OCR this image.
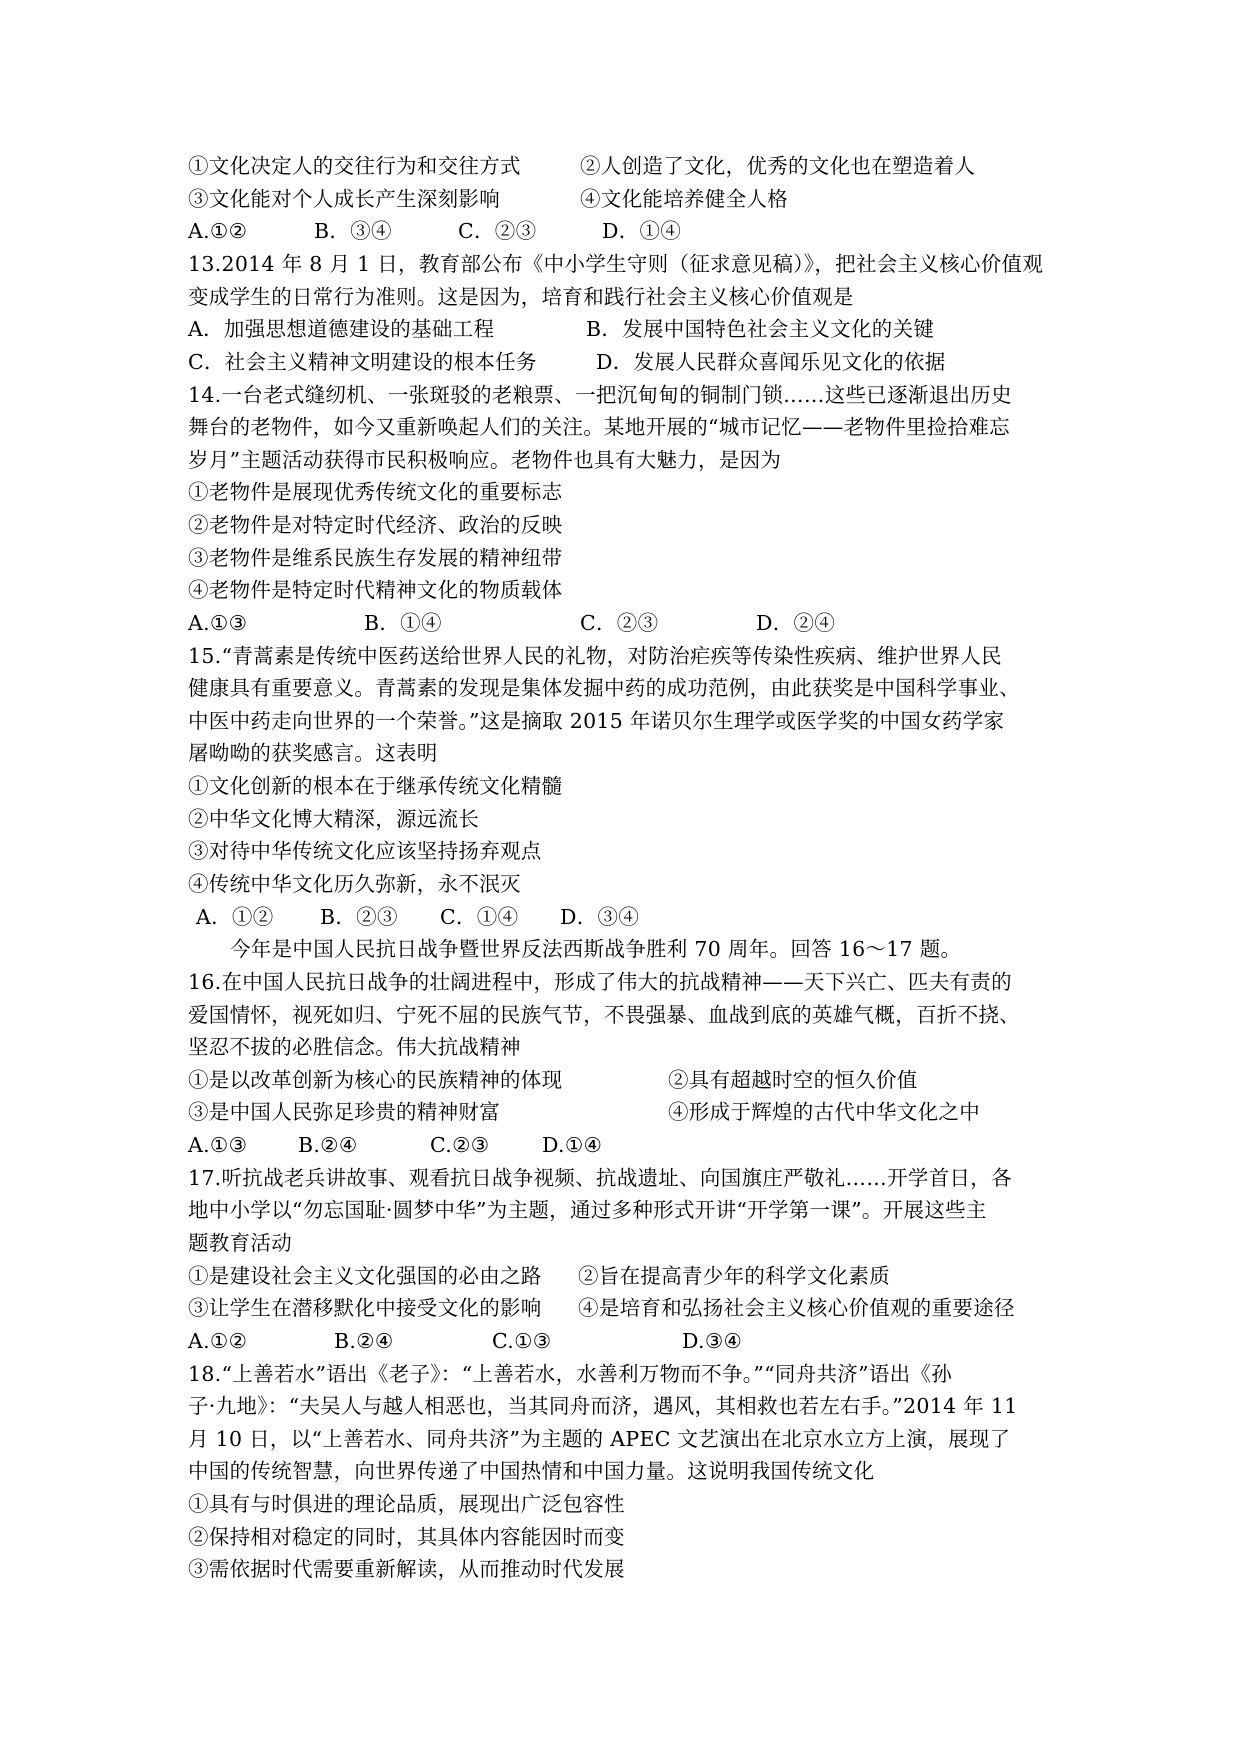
①文化决定人的交往行为和交往方式	②人创造了文化，优秀的文化也在塑造着人
③文化能对个人成长产生深刻影响	④文化能培养健全人格
A.①②	B．③④	C．②③	D．①④
13.2014 年 8 月 1 日，教育部公布《中小学生守则（征求意见稿）》，把社会主义核心价值观
变成学生的日常行为准则。这是因为，培育和践行社会主义核心价值观是
A．加强思想道德建设的基础工程	B．发展中国特色社会主义文化的关键
C．社会主义精神文明建设的根本任务	D．发展人民群众喜闻乐见文化的依据
14.一台老式缝纫机、一张斑驳的老粮票、一把沉甸甸的铜制门锁……这些已逐渐退出历史
舞台的老物件，如今又重新唤起人们的关注。某地开展的“城市记忆——老物件里捡拾难忘
岁月”主题活动获得市民积极响应。老物件也具有大魅力，是因为
①老物件是展现优秀传统文化的重要标志
②老物件是对特定时代经济、政治的反映
③老物件是维系民族生存发展的精神纽带
④老物件是特定时代精神文化的物质载体
A.①③	B．①④	C．②③	D．②④
15.“青蒿素是传统中医药送给世界人民的礼物，对防治疟疾等传染性疾病、维护世界人民
健康具有重要意义。青蒿素的发现是集体发掘中药的成功范例，由此获奖是中国科学事业、
中医中药走向世界的一个荣誉。”这是摘取 2015 年诺贝尔生理学或医学奖的中国女药学家
屠呦呦的获奖感言。这表明
①文化创新的根本在于继承传统文化精髓
②中华文化博大精深，源远流长
③对待中华传统文化应该坚持扬弃观点
④传统中华文化历久弥新，永不泯灭
A．①② B．②③ C．①④ D．③④
今年是中国人民抗日战争暨世界反法西斯战争胜利 70 周年。回答 16～17 题。
16.在中国人民抗日战争的壮阔进程中，形成了伟大的抗战精神——天下兴亡、匹夫有责的
爱国情怀，视死如归、宁死不屈的民族气节，不畏强暴、血战到底的英雄气概，百折不挠、
坚忍不拔的必胜信念。伟大抗战精神
①是以改革创新为核心的民族精神的体现	②具有超越时空的恒久价值
③是中国人民弥足珍贵的精神财富	④形成于辉煌的古代中华文化之中
A.①③ B.②④	C.②③	D.①④
17.听抗战老兵讲故事、观看抗日战争视频、抗战遗址、向国旗庄严敬礼……开学首日，各
地中小学以“勿忘国耻·圆梦中华”为主题，通过多种形式开讲“开学第一课”。开展这些主
题教育活动
①是建设社会主义文化强国的必由之路 ②旨在提高青少年的科学文化素质
③让学生在潜移默化中接受文化的影响 ④是培育和弘扬社会主义核心价值观的重要途径
A.①②	B.②④	C.①③	D.③④
18.“上善若水”语出《老子》：“上善若水，水善利万物而不争。”“同舟共济”语出《孙
子·九地》：“夫吴人与越人相恶也，当其同舟而济，遇风，其相救也若左右手。”2014 年 11
月 10 日，以“上善若水、同舟共济”为主题的 APEC 文艺演出在北京水立方上演，展现了
中国的传统智慧，向世界传递了中国热情和中国力量。这说明我国传统文化
①具有与时俱进的理论品质，展现出广泛包容性
②保持相对稳定的同时，其具体内容能因时而变
③需依据时代需要重新解读，从而推动时代发展
